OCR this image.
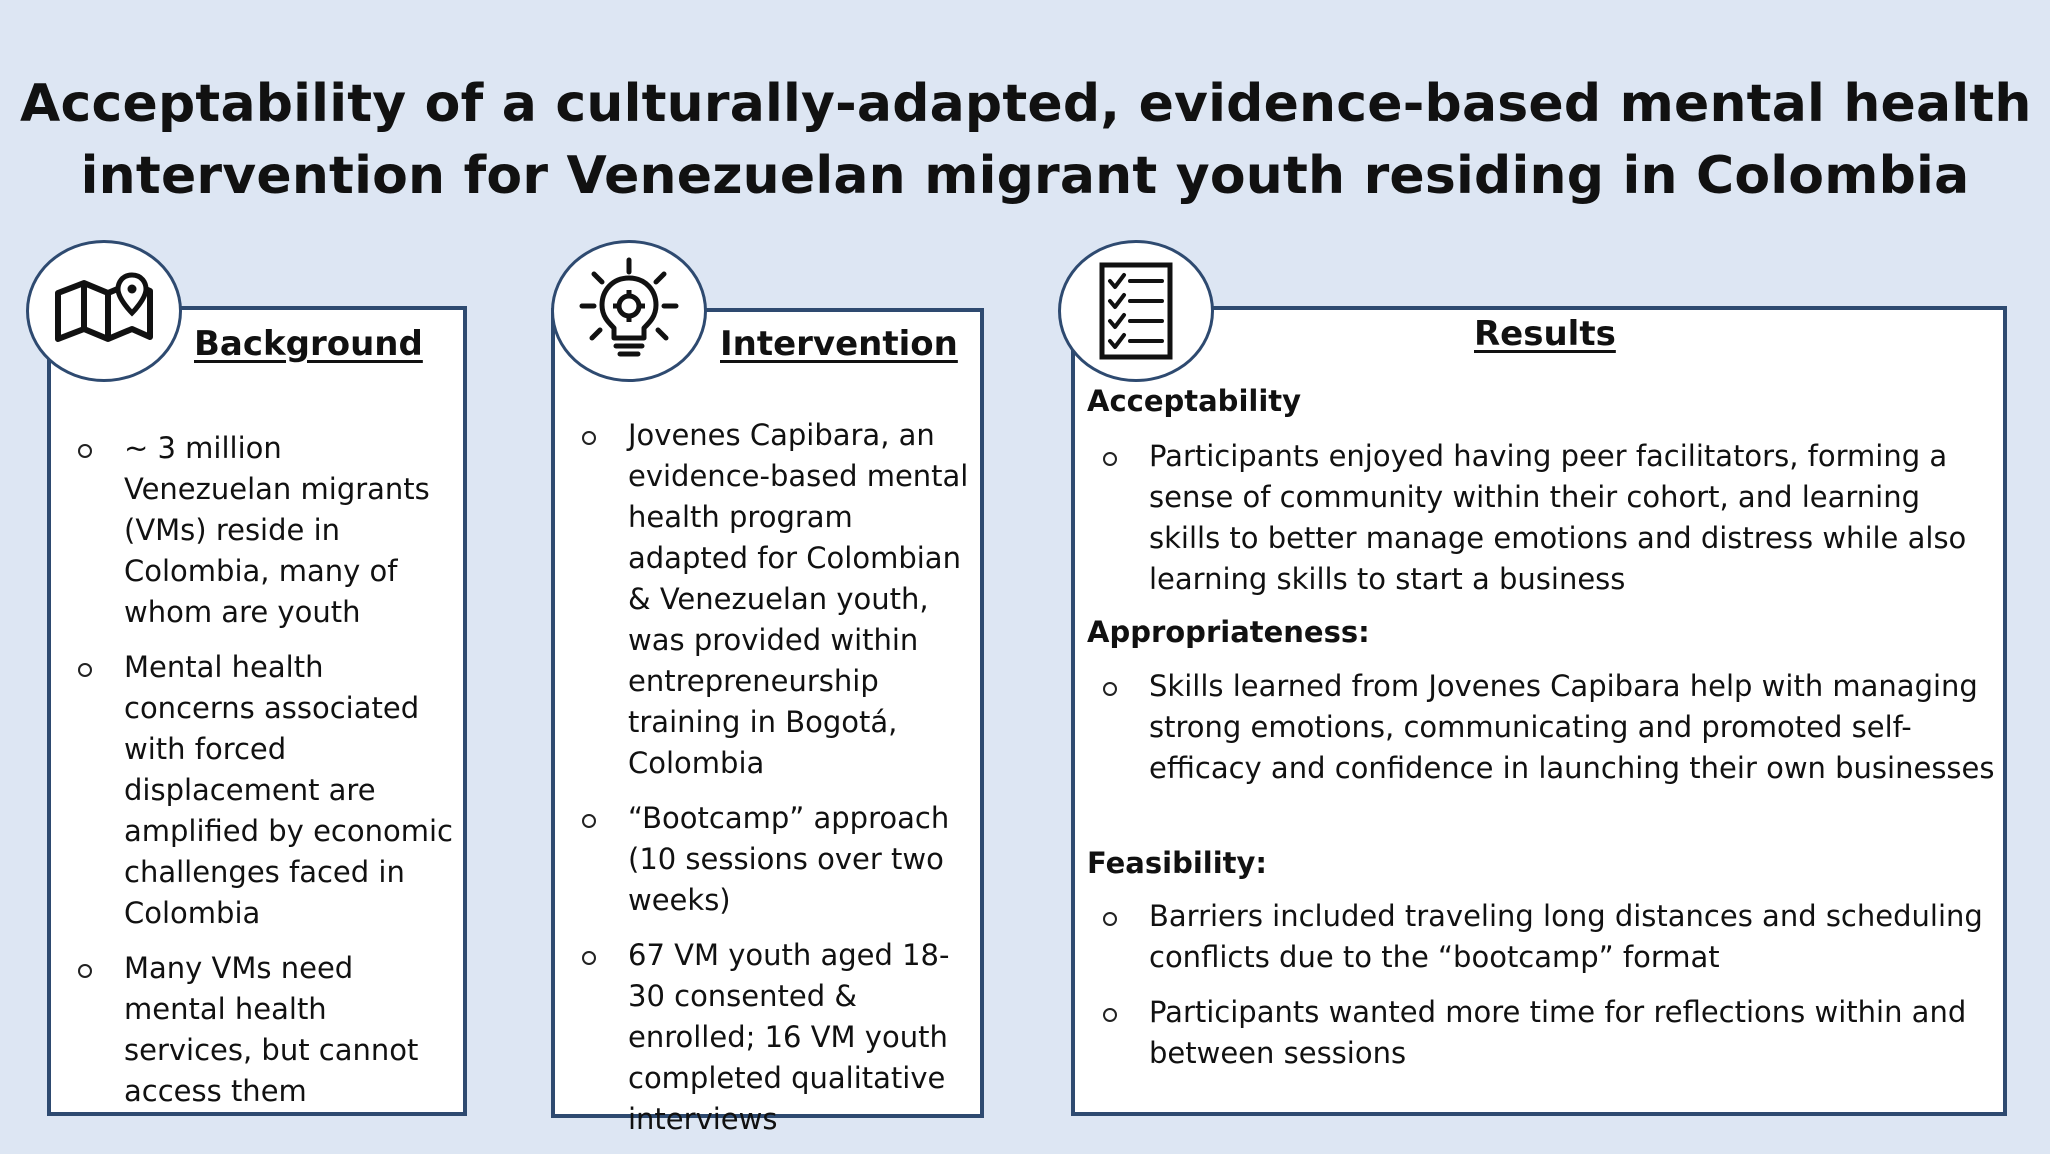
Acceptability of a culturally-adapted, evidence-based mental health
intervention for Venezuelan migrant youth residing in Colombia
Background
~ 3 million Venezuelan migrants (VMs) reside in Colombia, many of whom are youth
Mental health concerns associated with forced displacement are amplified by economic challenges faced in Colombia
Many VMs need mental health services, but cannot access them
Intervention
Jovenes Capibara, an evidence-based mental health program adapted for Colombian & Venezuelan youth, was provided within entrepreneurship training in Bogotá, Colombia
“Bootcamp” approach (10 sessions over two weeks)
67 VM youth aged 18-30 consented & enrolled; 16 VM youth completed qualitative interviews
Results
Acceptability
Participants enjoyed having peer facilitators, forming a sense of community within their cohort, and learning skills to better manage emotions and distress while also learning skills to start a business
Appropriateness:
Skills learned from Jovenes Capibara help with managing strong emotions, communicating and promoted self-efficacy and confidence in launching their own businesses
Feasibility:
Barriers included traveling long distances and scheduling conflicts due to the “bootcamp” format
Participants wanted more time for reflections within and between sessions
